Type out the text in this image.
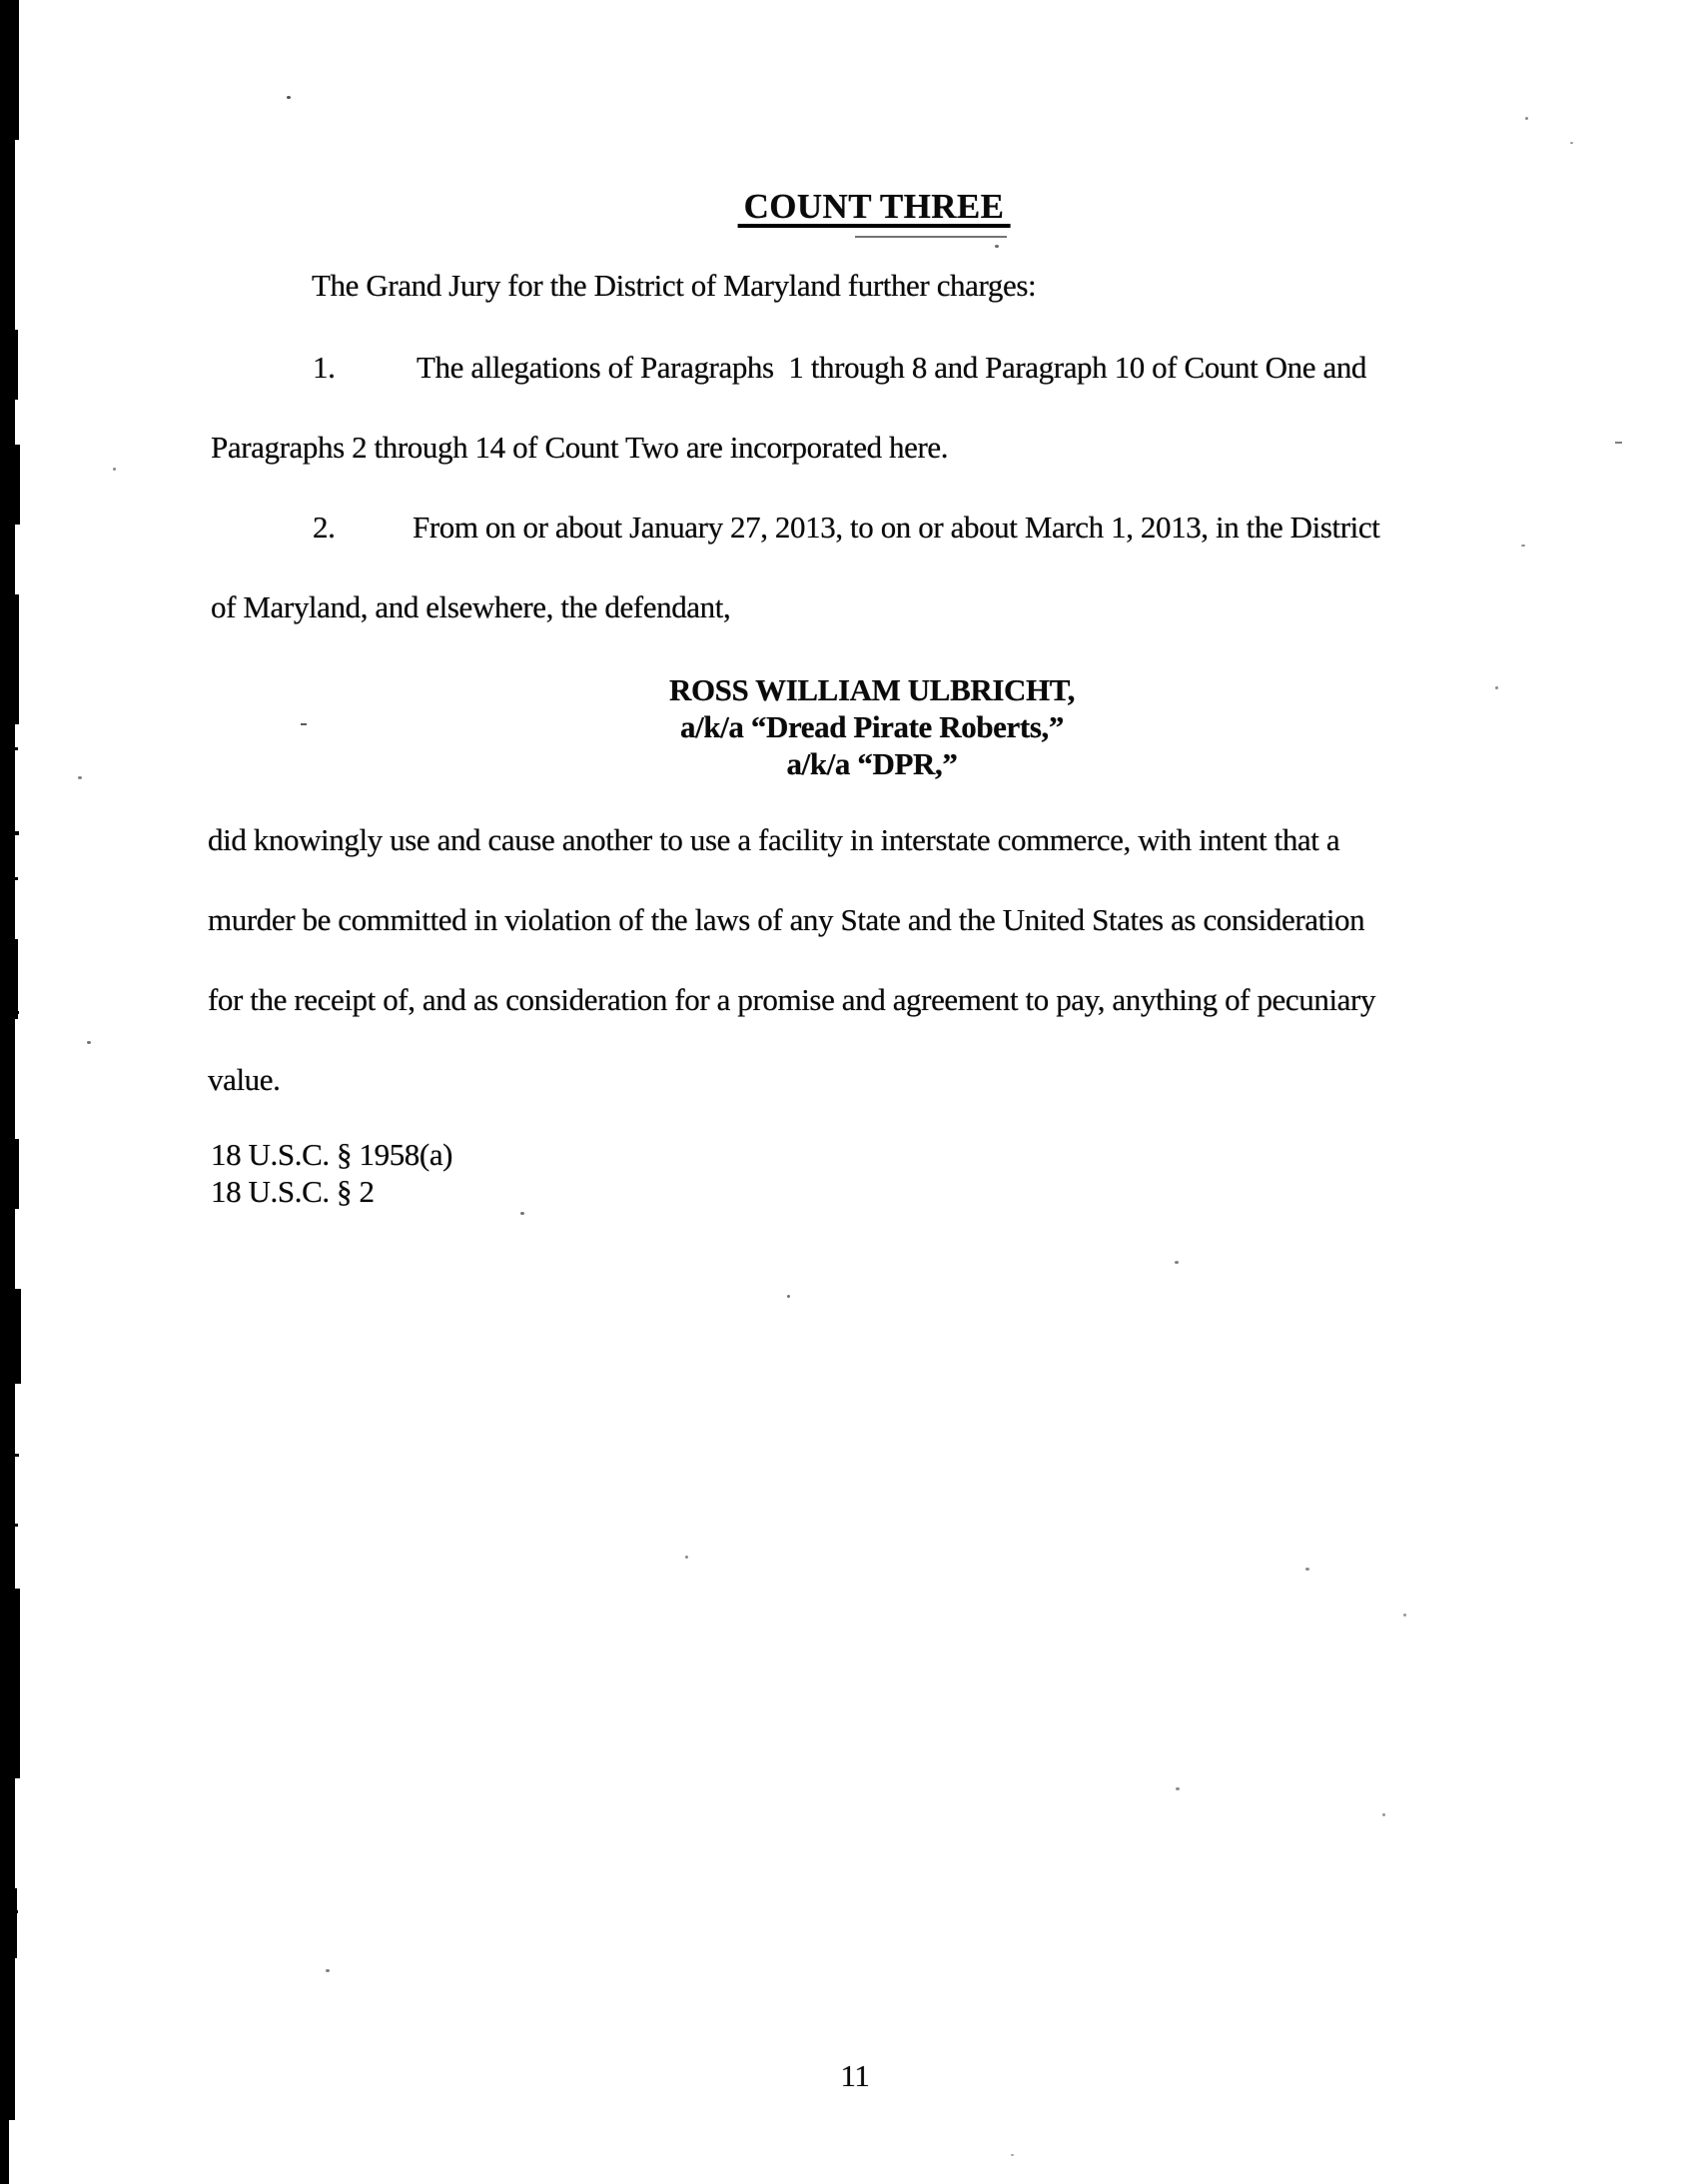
COUNT THREE
The Grand Jury for the District of Maryland further charges:
1.	The allegations of Paragraphs  1 through 8 and Paragraph 10 of Count One and
Paragraphs 2 through 14 of Count Two are incorporated here.
2.	From on or about January 27, 2013, to on or about March 1, 2013, in the District
of Maryland, and elsewhere, the defendant,
ROSS WILLIAM ULBRICHT,
a/k/a “Dread Pirate Roberts,”
a/k/a “DPR,”
did knowingly use and cause another to use a facility in interstate commerce, with intent that a
murder be committed in violation of the laws of any State and the United States as consideration
for the receipt of, and as consideration for a promise and agreement to pay, anything of pecuniary
value.
18 U.S.C. § 1958(a)
18 U.S.C. § 2
11
